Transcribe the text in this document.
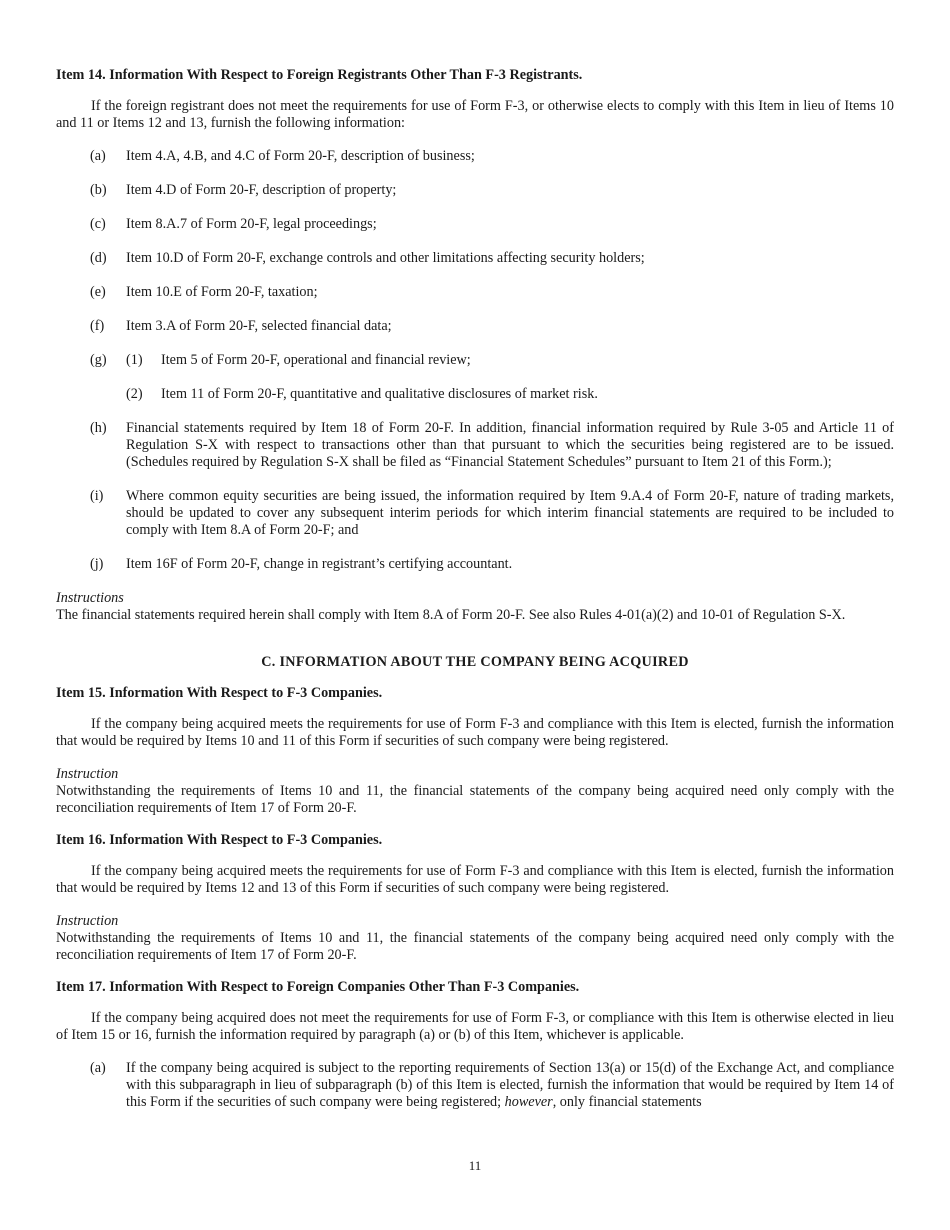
Item 14. Information With Respect to Foreign Registrants Other Than F-3 Registrants.

If the foreign registrant does not meet the requirements for use of Form F-3, or otherwise elects to comply with this Item in lieu of Items 10 and 11 or Items 12 and 13, furnish the following information:

(a) Item 4.A, 4.B, and 4.C of Form 20-F, description of business;
(b) Item 4.D of Form 20-F, description of property;
(c) Item 8.A.7 of Form 20-F, legal proceedings;
(d) Item 10.D of Form 20-F, exchange controls and other limitations affecting security holders;
(e) Item 10.E of Form 20-F, taxation;
(f) Item 3.A of Form 20-F, selected financial data;
(g) (1) Item 5 of Form 20-F, operational and financial review;
(2) Item 11 of Form 20-F, quantitative and qualitative disclosures of market risk.
(h) Financial statements required by Item 18 of Form 20-F. In addition, financial information required by Rule 3-05 and Article 11 of Regulation S-X with respect to transactions other than that pursuant to which the securities being registered are to be issued. (Schedules required by Regulation S-X shall be filed as “Financial Statement Schedules” pursuant to Item 21 of this Form.);
(i) Where common equity securities are being issued, the information required by Item 9.A.4 of Form 20-F, nature of trading markets, should be updated to cover any subsequent interim periods for which interim financial statements are required to be included to comply with Item 8.A of Form 20-F; and
(j) Item 16F of Form 20-F, change in registrant’s certifying accountant.

Instructions

The financial statements required herein shall comply with Item 8.A of Form 20-F. See also Rules 4-01(a)(2) and 10-01 of Regulation S-X.

C. INFORMATION ABOUT THE COMPANY BEING ACQUIRED

Item 15. Information With Respect to F-3 Companies.

If the company being acquired meets the requirements for use of Form F-3 and compliance with this Item is elected, furnish the information that would be required by Items 10 and 11 of this Form if securities of such company were being registered.

Instruction

Notwithstanding the requirements of Items 10 and 11, the financial statements of the company being acquired need only comply with the reconciliation requirements of Item 17 of Form 20-F.

Item 16. Information With Respect to F-3 Companies.

If the company being acquired meets the requirements for use of Form F-3 and compliance with this Item is elected, furnish the information that would be required by Items 12 and 13 of this Form if securities of such company were being registered.

Instruction

Notwithstanding the requirements of Items 10 and 11, the financial statements of the company being acquired need only comply with the reconciliation requirements of Item 17 of Form 20-F.

Item 17. Information With Respect to Foreign Companies Other Than F-3 Companies.

If the company being acquired does not meet the requirements for use of Form F-3, or compliance with this Item is otherwise elected in lieu of Item 15 or 16, furnish the information required by paragraph (a) or (b) of this Item, whichever is applicable.

(a) If the company being acquired is subject to the reporting requirements of Section 13(a) or 15(d) of the Exchange Act, and compliance with this subparagraph in lieu of subparagraph (b) of this Item is elected, furnish the information that would be required by Item 14 of this Form if the securities of such company were being registered; however, only financial statements
11
